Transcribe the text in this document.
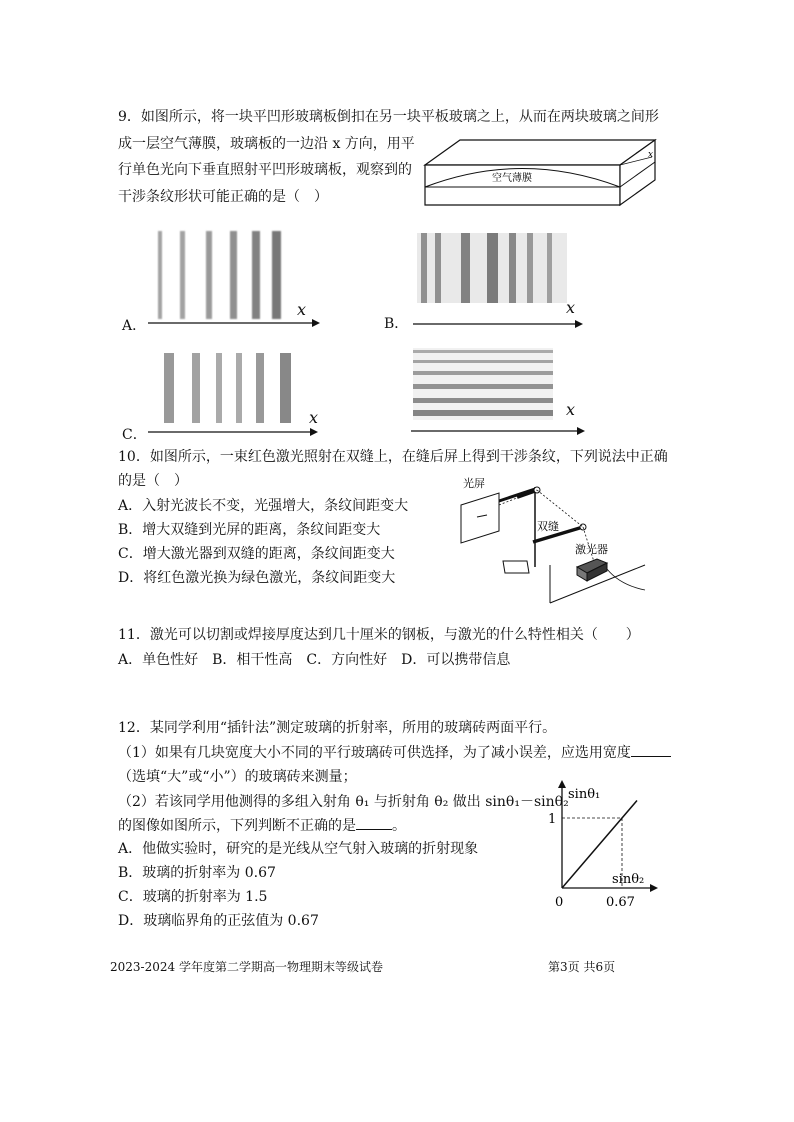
9．如图所示，将一块平凹形玻璃板倒扣在另一块平板玻璃之上，从而在两块玻璃之间形
成一层空气薄膜，玻璃板的一边沿 x 方向，用平
行单色光向下垂直照射平凹形玻璃板，观察到的
干涉条纹形状可能正确的是（　）
空气薄膜
x
A．
x
B．
x
C．
x	x
10．如图所示，一束红色激光照射在双缝上，在缝后屏上得到干涉条纹，下列说法中正确
的是（　）
A．入射光波长不变，光强增大，条纹间距变大
B．增大双缝到光屏的距离，条纹间距变大
C．增大激光器到双缝的距离，条纹间距变大
D．将红色激光换为绿色激光，条纹间距变大
光屏
双缝
激光器
11．激光可以切割或焊接厚度达到几十厘米的钢板，与激光的什么特性相关（　　）
A．单色性好　B．相干性高　C．方向性好　D．可以携带信息
12．某同学利用“插针法”测定玻璃的折射率，所用的玻璃砖两面平行。
（1）如果有几块宽度大小不同的平行玻璃砖可供选择，为了减小误差，应选用宽度
（选填“大”或“小”）的玻璃砖来测量；
（2）若该同学用他测得的多组入射角 θ₁ 与折射角 θ₂ 做出 sinθ₁－sinθ₂
的图像如图所示，下列判断不正确的是	。
A．他做实验时，研究的是光线从空气射入玻璃的折射现象
B．玻璃的折射率为 0.67
C．玻璃的折射率为 1.5
D．玻璃临界角的正弦值为 0.67
sinθ₁
sinθ₂
1
0	0.67
2023-2024 学年度第二学期高一物理期末等级试卷	第3页 共6页
